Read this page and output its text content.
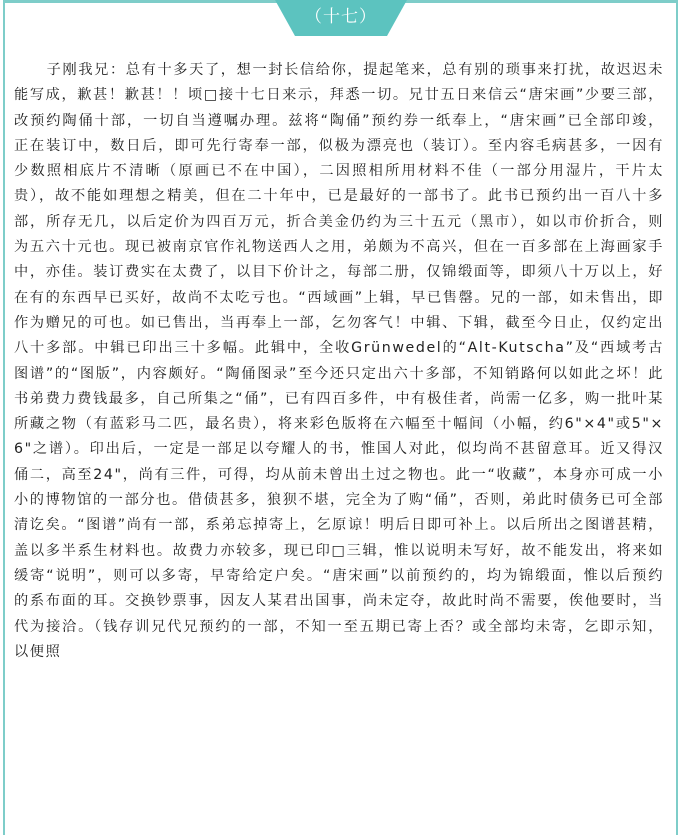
（十七）

子刚我兄：总有十多天了，想一封长信给你，提起笔来，总有别的琐事来打扰，故迟迟未能写成，歉甚！歉甚！！顷□接十七日来示，拜悉一切。兄廿五日来信云“唐宋画”少要三部，改预约陶俑十部，一切自当遵嘱办理。兹将“陶俑”预约券一纸奉上，“唐宋画”已全部印竣，正在装订中，数日后，即可先行寄奉一部，似极为漂亮也（装订）。至内容毛病甚多，一因有少数照相底片不清晰（原画已不在中国），二因照相所用材料不佳（一部分用湿片，干片太贵），故不能如理想之精美，但在二十年中，已是最好的一部书了。此书已预约出一百八十多部，所存无几，以后定价为四百万元，折合美金仍约为三十五元（黑市），如以市价折合，则为五六十元也。现已被南京官作礼物送西人之用，弟颇为不高兴，但在一百多部在上海画家手中，亦佳。装订费实在太费了，以目下价计之，每部二册，仅锦缎面等，即须八十万以上，好在有的东西早已买好，故尚不太吃亏也。“西域画”上辑，早已售罄。兄的一部，如未售出，即作为赠兄的可也。如已售出，当再奉上一部，乞勿客气！中辑、下辑，截至今日止，仅约定出八十多部。中辑已印出三十多幅。此辑中，全收Grünwedel的“Alt-Kutscha”及“西域考古图谱”的“图版”，内容颇好。“陶俑图录”至今还只定出六十多部，不知销路何以如此之坏！此书弟费力费钱最多，自己所集之“俑”，已有四百多件，中有极佳者，尚需一亿多，购一批叶某所藏之物（有蓝彩马二匹，最名贵），将来彩色版将在六幅至十幅间（小幅，约6"×4"或5"×6"之谱）。印出后，一定是一部足以夸耀人的书，惟国人对此，似均尚不甚留意耳。近又得汉俑二，高至24"，尚有三件，可得，均从前未曾出土过之物也。此一“收藏”，本身亦可成一小小的博物馆的一部分也。借债甚多，狼狈不堪，完全为了购“俑”，否则，弟此时债务已可全部清讫矣。“图谱”尚有一部，系弟忘掉寄上，乞原谅！明后日即可补上。以后所出之图谱甚精，盖以多半系生材料也。故费力亦较多，现已印□三辑，惟以说明未写好，故不能发出，将来如缓寄“说明”，则可以多寄，早寄给定户矣。“唐宋画”以前预约的，均为锦缎面，惟以后预约的系布面的耳。交换钞票事，因友人某君出国事，尚未定夺，故此时尚不需要，俟他要时，当代为接洽。（钱存训兄代兄预约的一部，不知一至五期已寄上否？或全部均未寄，乞即示知，以便照
